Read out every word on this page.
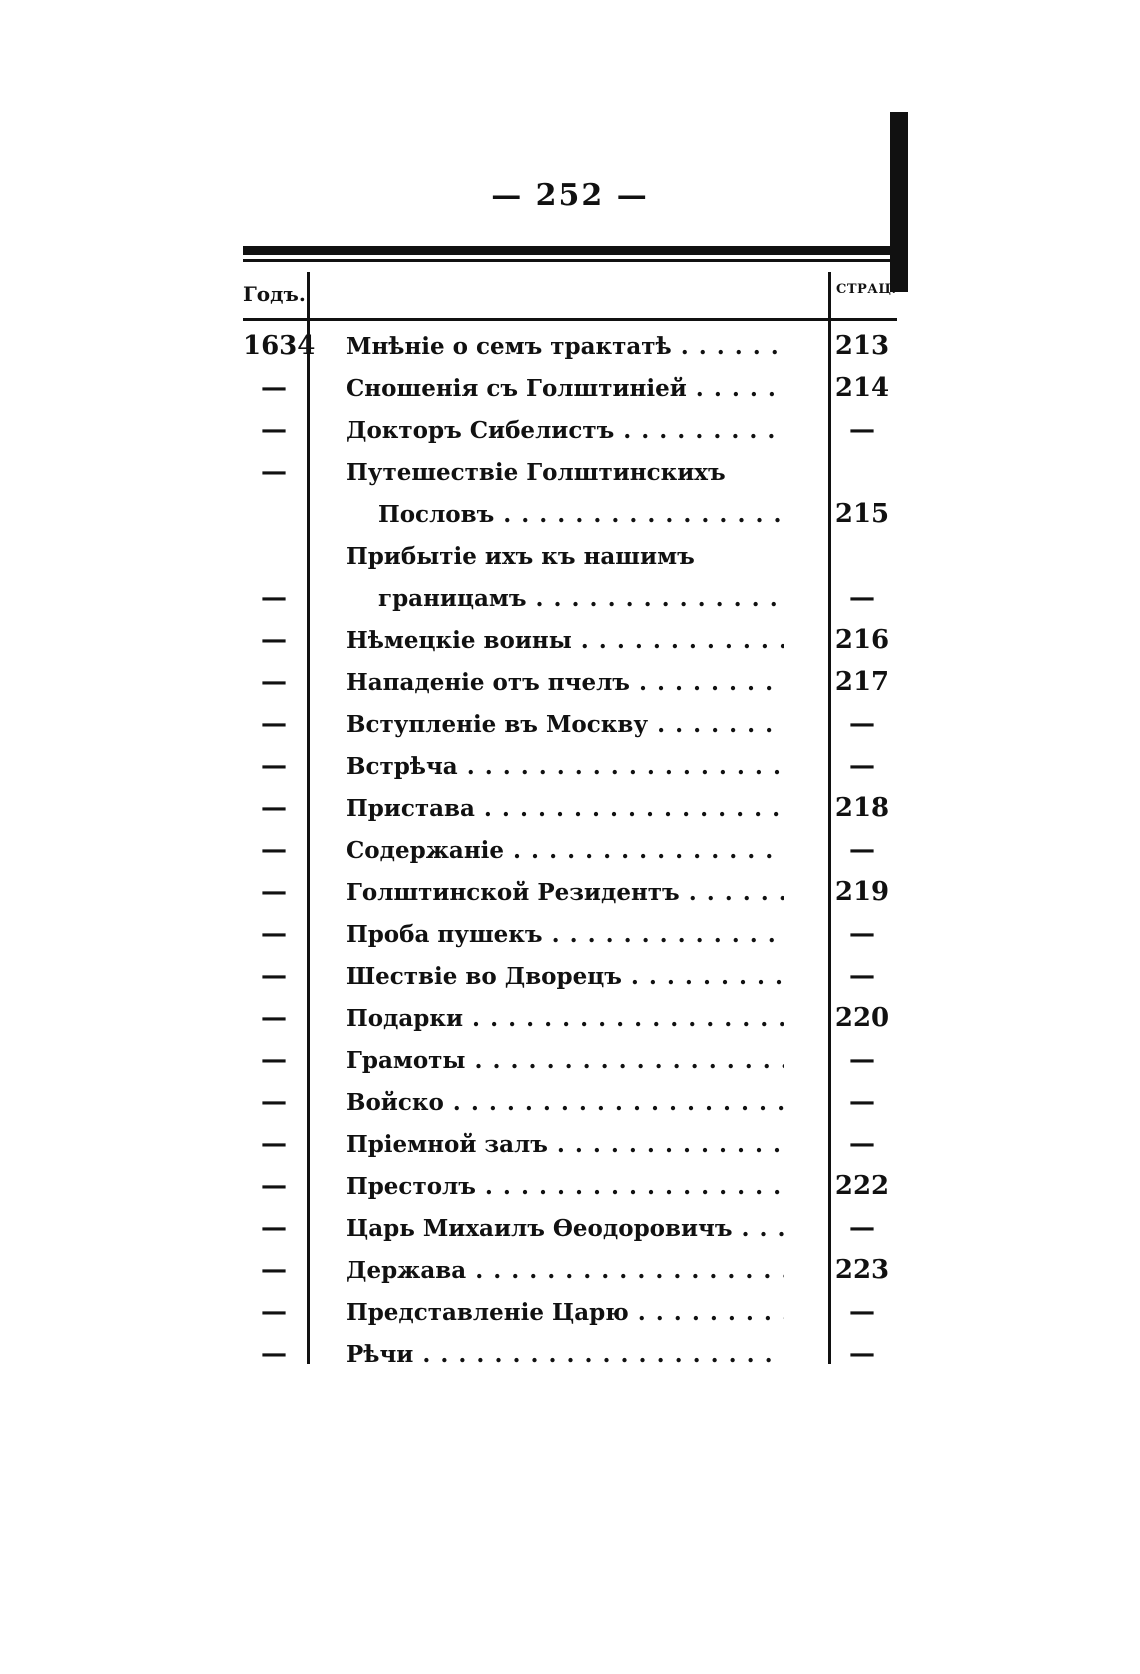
— 252 —
Годъ.	СТРАЦ.
1634 Мнѣніе о семъ трактатѣ . . .	213
—	Сношенія съ Голштиніей . . .	214
—	Докторъ Сибелистъ . . .	—
—	Путешествіе Голштинскихъ
Пословъ . . .	215
Прибытіе ихъ къ нашимъ
—	границамъ . . .	—
—	Нѣмецкіе воины . . .	216
—	Нападеніе отъ пчелъ . . .	217
—	Вступленіе въ Москву . . .	—
—	Встрѣча . . .	—
—	Пристава . . .	218
—	Содержаніе . . .	—
—	Голштинской Резидентъ . . .	219
—	Проба пушекъ . . .	—
—	Шествіе во Дворецъ . . .	—
—	Подарки . . .	220
—	Грамоты . . .	—
—	Войско . . .	—
—	Пріемной залъ . . .	—
—	Престолъ . . .	222
—	Царь Михаилъ Ѳеодоровичъ . . .	—
—	Держава . . .	223
—	Представленіе Царю . . .	—
—	Рѣчи . . .	—
